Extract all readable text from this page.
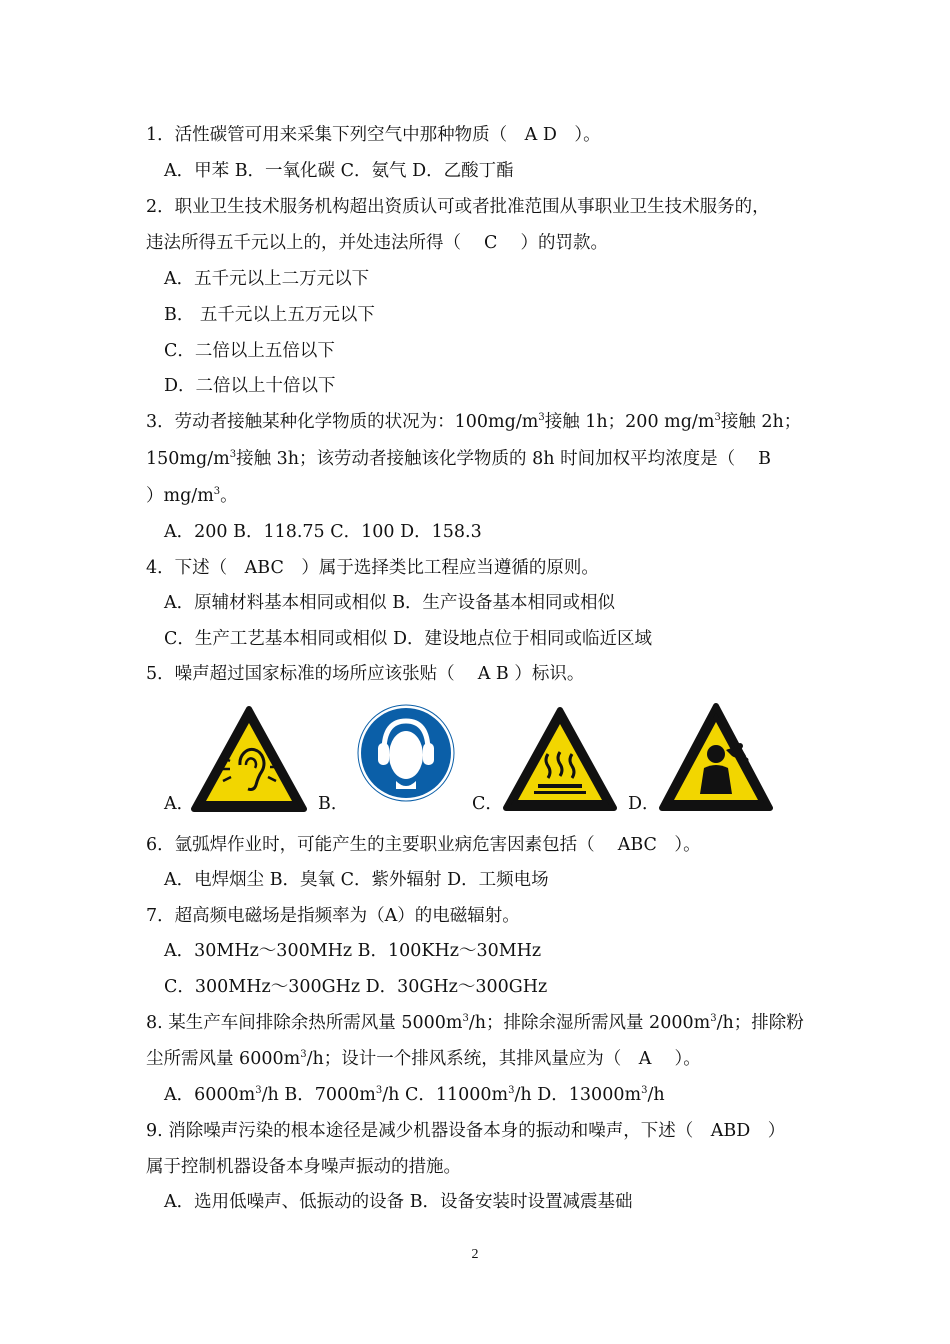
1．活性碳管可用来采集下列空气中那种物质（　A D　）。
A．甲苯 B．一氧化碳 C．氨气 D．乙酸丁酯
2．职业卫生技术服务机构超出资质认可或者批准范围从事职业卫生技术服务的，
违法所得五千元以上的，并处违法所得（　 C　 ）的罚款。
A．五千元以上二万元以下
B． 五千元以上五万元以下
C．二倍以上五倍以下
D．二倍以上十倍以下
3．劳动者接触某种化学物质的状况为：$100mg/m^3$接触 1h；200 $mg/m^3$接触 2h；
$150mg/m^3$接触 3h；该劳动者接触该化学物质的 8h 时间加权平均浓度是（　 B
）$mg/m^3$。
A．200 B．118.75 C．100 D．158.3
4．下述（　ABC　）属于选择类比工程应当遵循的原则。
A．原辅材料基本相同或相似 B．生产设备基本相同或相似
C．生产工艺基本相同或相似 D．建设地点位于相同或临近区域
5．噪声超过国家标准的场所应该张贴（　 A B ）标识。
A．	B．	C．	D．
6．氩弧焊作业时，可能产生的主要职业病危害因素包括（　 ABC　）。
A．电焊烟尘 B．臭氧 C．紫外辐射 D．工频电场
7．超高频电磁场是指频率为（A）的电磁辐射。
A．30MHz～300MHz B．100KHz～30MHz
C．300MHz～300GHz D．30GHz～300GHz
8. 某生产车间排除余热所需风量 $5000m^3/h$；排除余湿所需风量 $2000m^3/h$；排除粉
尘所需风量 $6000m^3/h$；设计一个排风系统，其排风量应为（　A　 ）。
A．$6000m^3/h$ B．$7000m^3/h$ C．$11000m^3/h$ D．$13000m^3/h$
9. 消除噪声污染的根本途径是减少机器设备本身的振动和噪声，下述（　ABD　）
属于控制机器设备本身噪声振动的措施。
A．选用低噪声、低振动的设备 B．设备安装时设置减震基础
2
